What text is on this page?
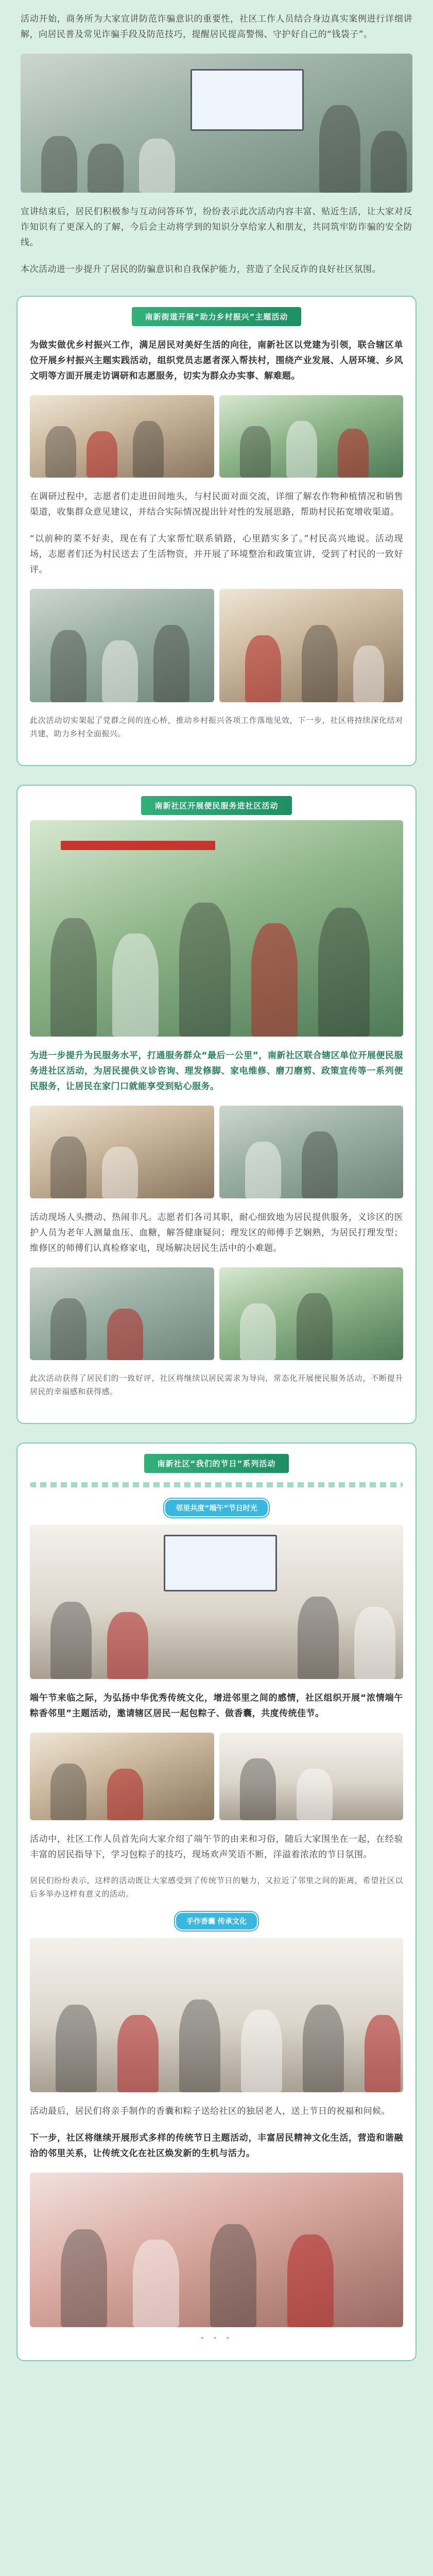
活动开始，商务所为大家宣讲防范诈骗意识的重要性，社区工作人员结合身边真实案例进行详细讲解，向居民普及常见诈骗手段及防范技巧，提醒居民提高警惕、守护好自己的“钱袋子”。

宣讲结束后，居民们积极参与互动问答环节，纷纷表示此次活动内容丰富、贴近生活，让大家对反诈知识有了更深入的了解，今后会主动将学到的知识分享给家人和朋友，共同筑牢防诈骗的安全防线。

本次活动进一步提升了居民的防骗意识和自我保护能力，营造了全民反诈的良好社区氛围。

南新街道开展“助力乡村振兴”主题活动

为做实做优乡村振兴工作，满足居民对美好生活的向往，南新社区以党建为引领，联合辖区单位开展乡村振兴主题实践活动，组织党员志愿者深入帮扶村，围绕产业发展、人居环境、乡风文明等方面开展走访调研和志愿服务，切实为群众办实事、解难题。

在调研过程中，志愿者们走进田间地头，与村民面对面交流，详细了解农作物种植情况和销售渠道，收集群众意见建议，并结合实际情况提出针对性的发展思路，帮助村民拓宽增收渠道。

“以前种的菜不好卖，现在有了大家帮忙联系销路，心里踏实多了。”村民高兴地说。活动现场，志愿者们还为村民送去了生活物资，并开展了环境整治和政策宣讲，受到了村民的一致好评。

此次活动切实架起了党群之间的连心桥，推动乡村振兴各项工作落地见效，下一步，社区将持续深化结对共建，助力乡村全面振兴。

南新社区开展便民服务进社区活动

为进一步提升为民服务水平，打通服务群众“最后一公里”，南新社区联合辖区单位开展便民服务进社区活动，为居民提供义诊咨询、理发修脚、家电维修、磨刀磨剪、政策宣传等一系列便民服务，让居民在家门口就能享受到贴心服务。

活动现场人头攒动、热闹非凡。志愿者们各司其职，耐心细致地为居民提供服务，义诊区的医护人员为老年人测量血压、血糖，解答健康疑问；理发区的师傅手艺娴熟，为居民打理发型；维修区的师傅们认真检修家电，现场解决居民生活中的小难题。

此次活动获得了居民们的一致好评，社区将继续以居民需求为导向，常态化开展便民服务活动，不断提升居民的幸福感和获得感。

南新社区“我们的节日”系列活动
邻里共度“端午”节日时光

端午节来临之际，为弘扬中华优秀传统文化，增进邻里之间的感情，社区组织开展“浓情端午 粽香邻里”主题活动，邀请辖区居民一起包粽子、做香囊，共度传统佳节。

活动中，社区工作人员首先向大家介绍了端午节的由来和习俗，随后大家围坐在一起，在经验丰富的居民指导下，学习包粽子的技巧，现场欢声笑语不断，洋溢着浓浓的节日氛围。

居民们纷纷表示，这样的活动既让大家感受到了传统节日的魅力，又拉近了邻里之间的距离，希望社区以后多举办这样有意义的活动。

手作香囊 传承文化

活动最后，居民们将亲手制作的香囊和粽子送给社区的独居老人，送上节日的祝福和问候。

下一步，社区将继续开展形式多样的传统节日主题活动，丰富居民精神文化生活，营造和谐融洽的邻里关系，让传统文化在社区焕发新的生机与活力。

• • •
